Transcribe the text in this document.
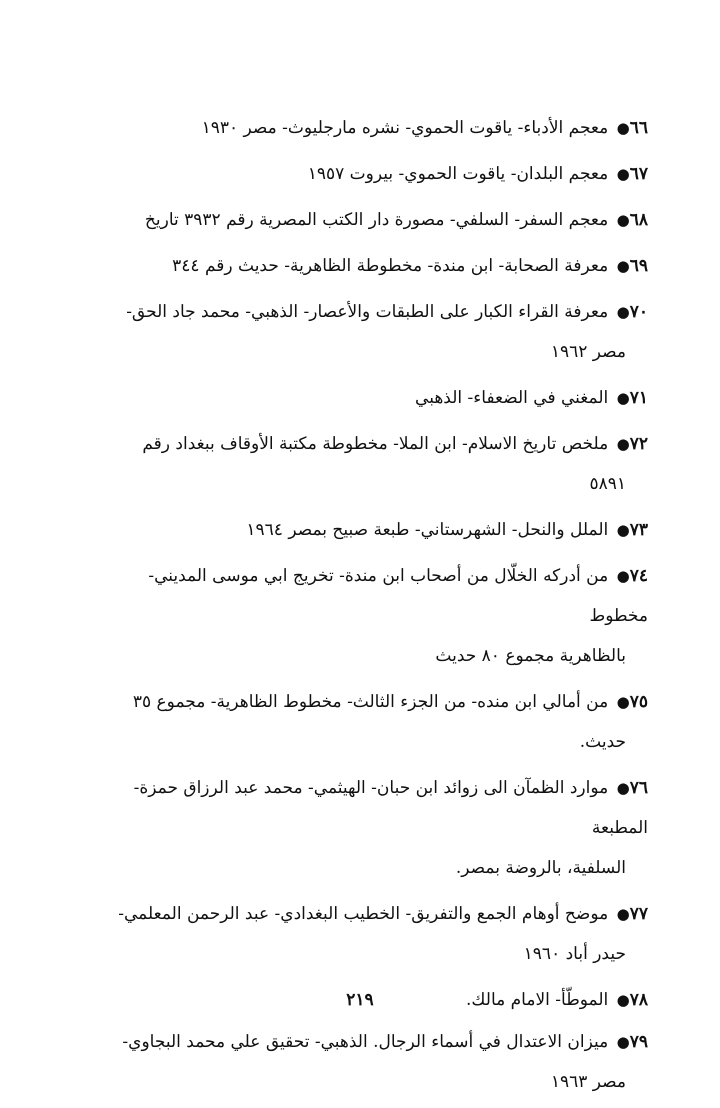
٦٦● معجم الأدباء- ياقوت الحموي- نشره مارجليوث- مصر ١٩٣٠
٦٧● معجم البلدان- ياقوت الحموي- بيروت ١٩٥٧
٦٨● معجم السفر- السلفي- مصورة دار الكتب المصرية رقم ٣٩٣٢ تاريخ
٦٩● معرفة الصحابة- ابن مندة- مخطوطة الظاهرية- حديث رقم ٣٤٤
٧٠● معرفة القراء الكبار على الطبقات والأعصار- الذهبي- محمد جاد الحق-
مصر ١٩٦٢
٧١● المغني في الضعفاء- الذهبي
٧٢● ملخص تاريخ الاسلام- ابن الملا- مخطوطة مكتبة الأوقاف ببغداد رقم
٥٨٩١
٧٣● الملل والنحل- الشهرستاني- طبعة صبيح بمصر ١٩٦٤
٧٤● من أدركه الخلّال من أصحاب ابن مندة- تخريج ابي موسى المديني- مخطوط
بالظاهرية مجموع ٨٠ حديث
٧٥● من أمالي ابن منده- من الجزء الثالث- مخطوط الظاهرية- مجموع ٣٥
حديث.
٧٦● موارد الظمآن الى زوائد ابن حبان- الهيثمي- محمد عبد الرزاق حمزة- المطبعة
السلفية، بالروضة بمصر.
٧٧● موضح أوهام الجمع والتفريق- الخطيب البغدادي- عبد الرحمن المعلمي-
حيدر أباد ١٩٦٠
٧٨● الموطّأ- الامام مالك.
٧٩● ميزان الاعتدال في أسماء الرجال. الذهبي- تحقيق علي محمد البجاوي-
مصر ١٩٦٣
٢١٩
